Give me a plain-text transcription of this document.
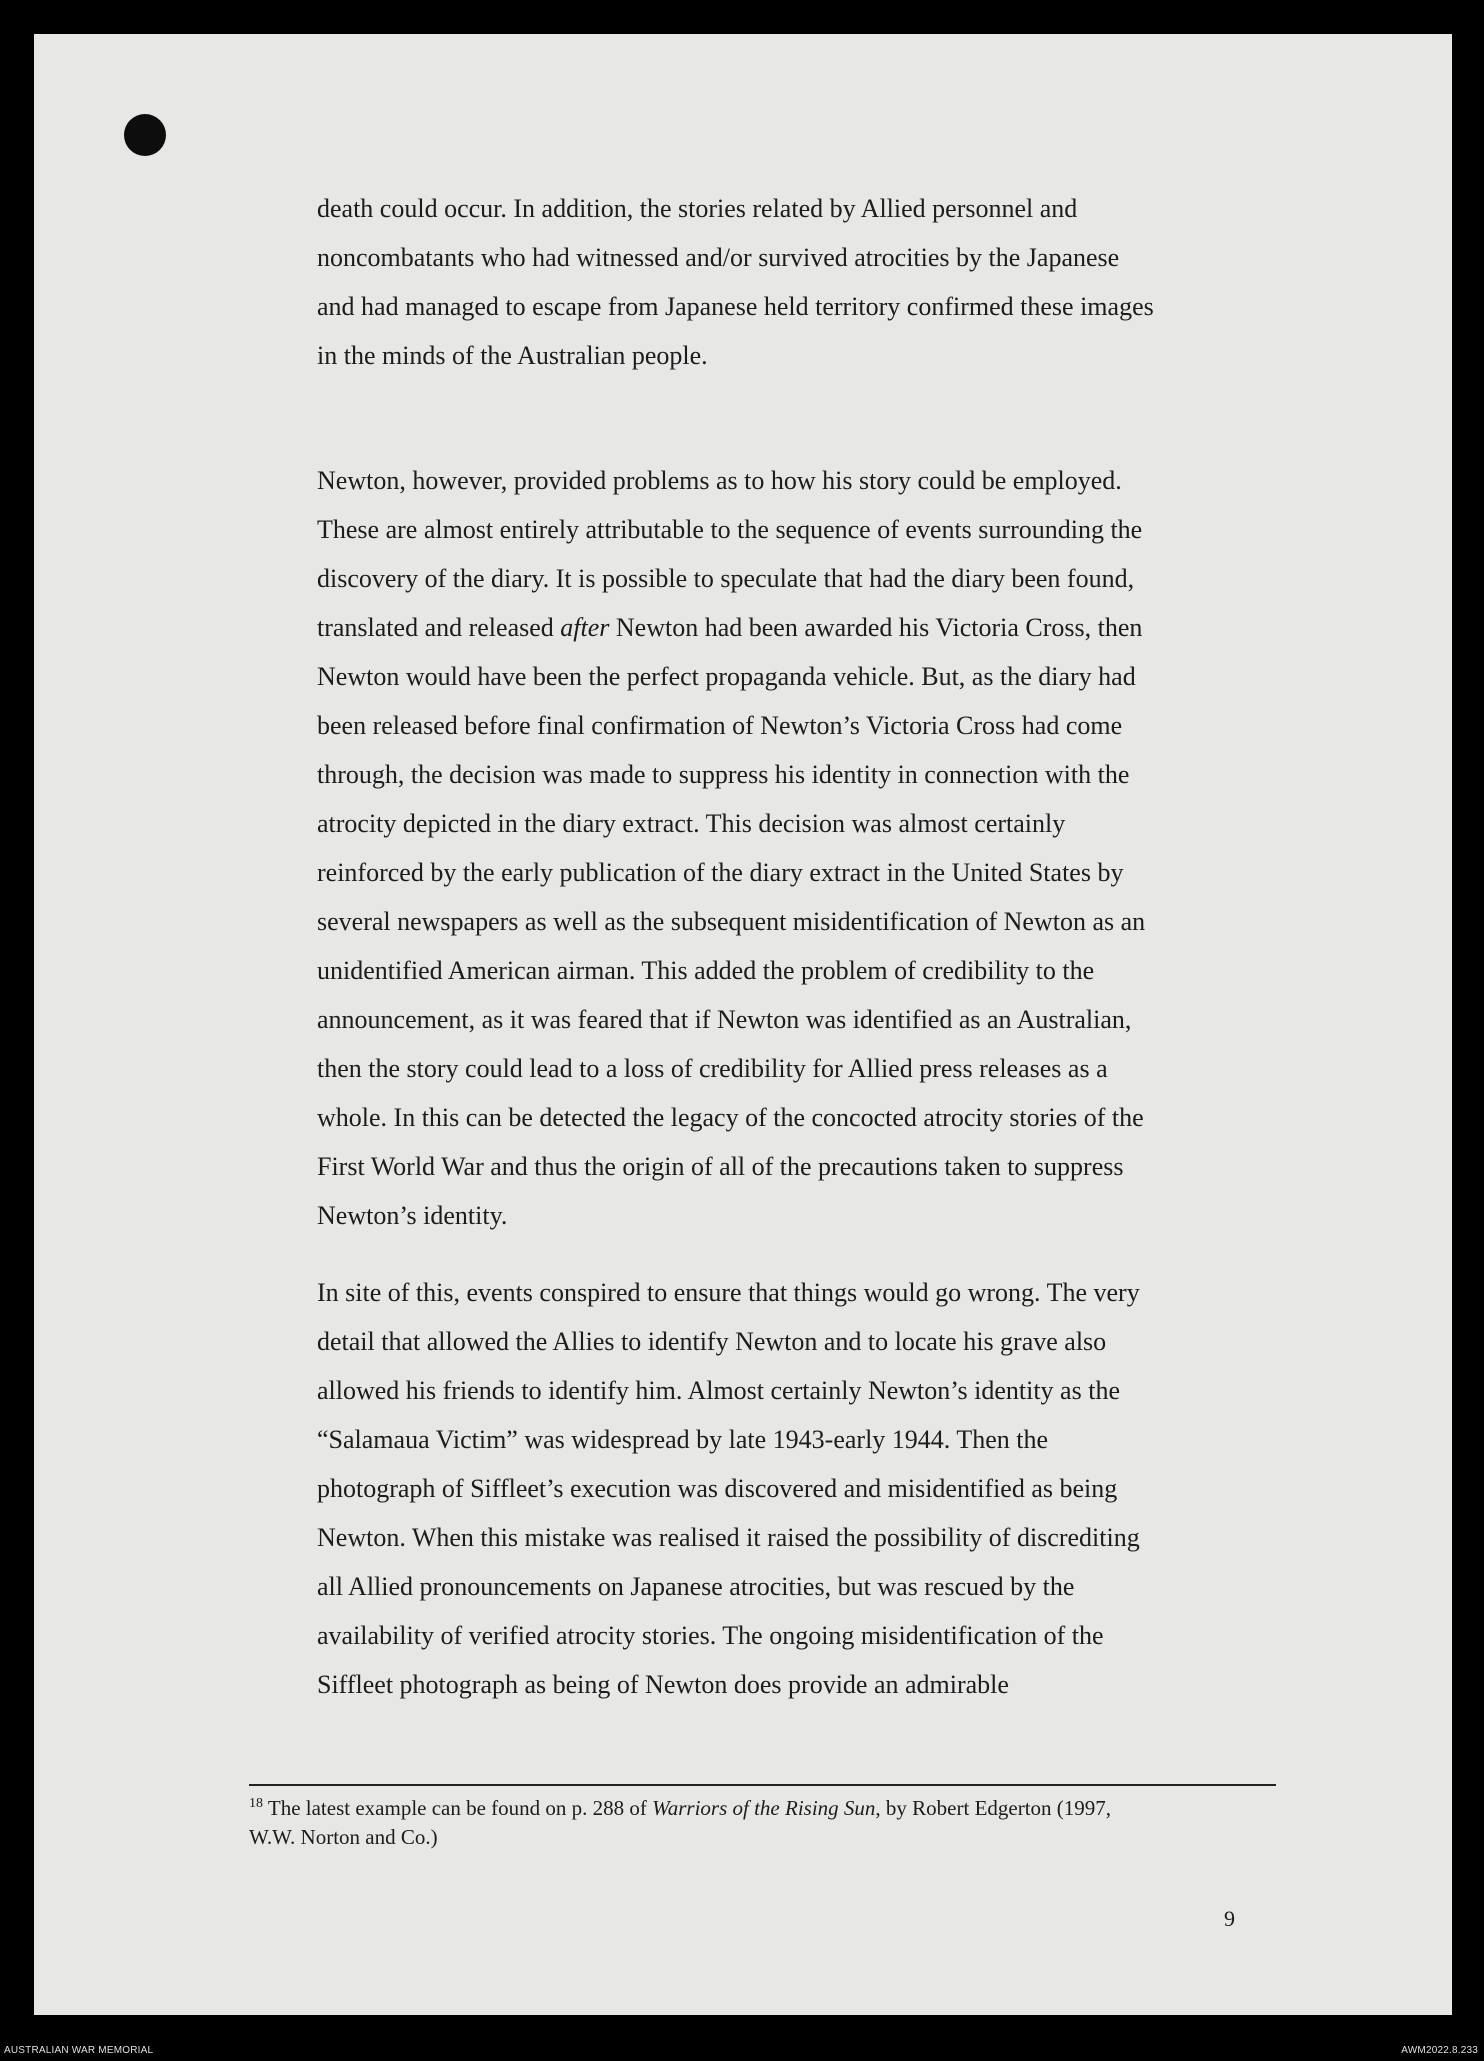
death could occur. In addition, the stories related by Allied personnel and
noncombatants who had witnessed and/or survived atrocities by the Japanese
and had managed to escape from Japanese held territory confirmed these images
in the minds of the Australian people.

Newton, however, provided problems as to how his story could be employed.
These are almost entirely attributable to the sequence of events surrounding the
discovery of the diary. It is possible to speculate that had the diary been found,
translated and released after Newton had been awarded his Victoria Cross, then
Newton would have been the perfect propaganda vehicle. But, as the diary had
been released before final confirmation of Newton’s Victoria Cross had come
through, the decision was made to suppress his identity in connection with the
atrocity depicted in the diary extract. This decision was almost certainly
reinforced by the early publication of the diary extract in the United States by
several newspapers as well as the subsequent misidentification of Newton as an
unidentified American airman. This added the problem of credibility to the
announcement, as it was feared that if Newton was identified as an Australian,
then the story could lead to a loss of credibility for Allied press releases as a
whole. In this can be detected the legacy of the concocted atrocity stories of the
First World War and thus the origin of all of the precautions taken to suppress
Newton’s identity.

In site of this, events conspired to ensure that things would go wrong. The very
detail that allowed the Allies to identify Newton and to locate his grave also
allowed his friends to identify him. Almost certainly Newton’s identity as the
“Salamaua Victim” was widespread by late 1943-early 1944. Then the
photograph of Siffleet’s execution was discovered and misidentified as being
Newton. When this mistake was realised it raised the possibility of discrediting
all Allied pronouncements on Japanese atrocities, but was rescued by the
availability of verified atrocity stories. The ongoing misidentification of the
Siffleet photograph as being of Newton does provide an admirable

$^{18}$ The latest example can be found on p. 288 of Warriors of the Rising Sun, by Robert Edgerton (1997,
W.W. Norton and Co.)

9
AUSTRALIAN WAR MEMORIAL	AWM2022.8.233
